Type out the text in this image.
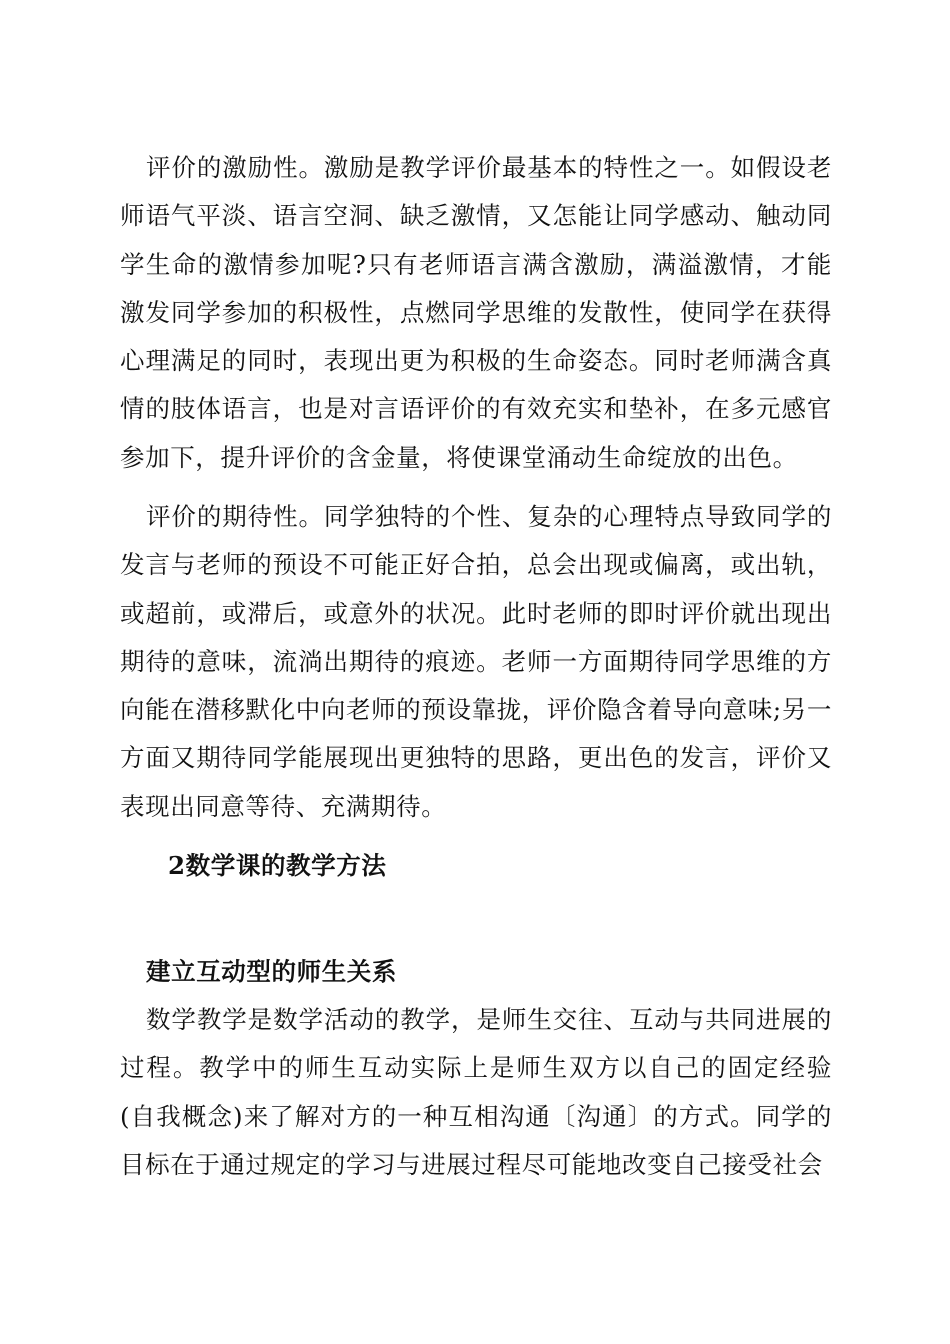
评价的激励性。激励是教学评价最基本的特性之一。如假设老师语气平淡、语言空洞、缺乏激情，又怎能让同学感动、触动同学生命的激情参加呢?只有老师语言满含激励，满溢激情，才能激发同学参加的积极性，点燃同学思维的发散性，使同学在获得心理满足的同时，表现出更为积极的生命姿态。同时老师满含真情的肢体语言，也是对言语评价的有效充实和垫补，在多元感官参加下，提升评价的含金量，将使课堂涌动生命绽放的出色。

评价的期待性。同学独特的个性、复杂的心理特点导致同学的发言与老师的预设不可能正好合拍，总会出现或偏离，或出轨，或超前，或滞后，或意外的状况。此时老师的即时评价就出现出期待的意味，流淌出期待的痕迹。老师一方面期待同学思维的方向能在潜移默化中向老师的预设靠拢，评价隐含着导向意味;另一方面又期待同学能展现出更独特的思路，更出色的发言，评价又表现出同意等待、充满期待。

2数学课的教学方法
建立互动型的师生关系

数学教学是数学活动的教学，是师生交往、互动与共同进展的过程。教学中的师生互动实际上是师生双方以自己的固定经验(自我概念)来了解对方的一种互相沟通〔沟通〕的方式。同学的目标在于通过规定的学习与进展过程尽可能地改变自己接受社会
